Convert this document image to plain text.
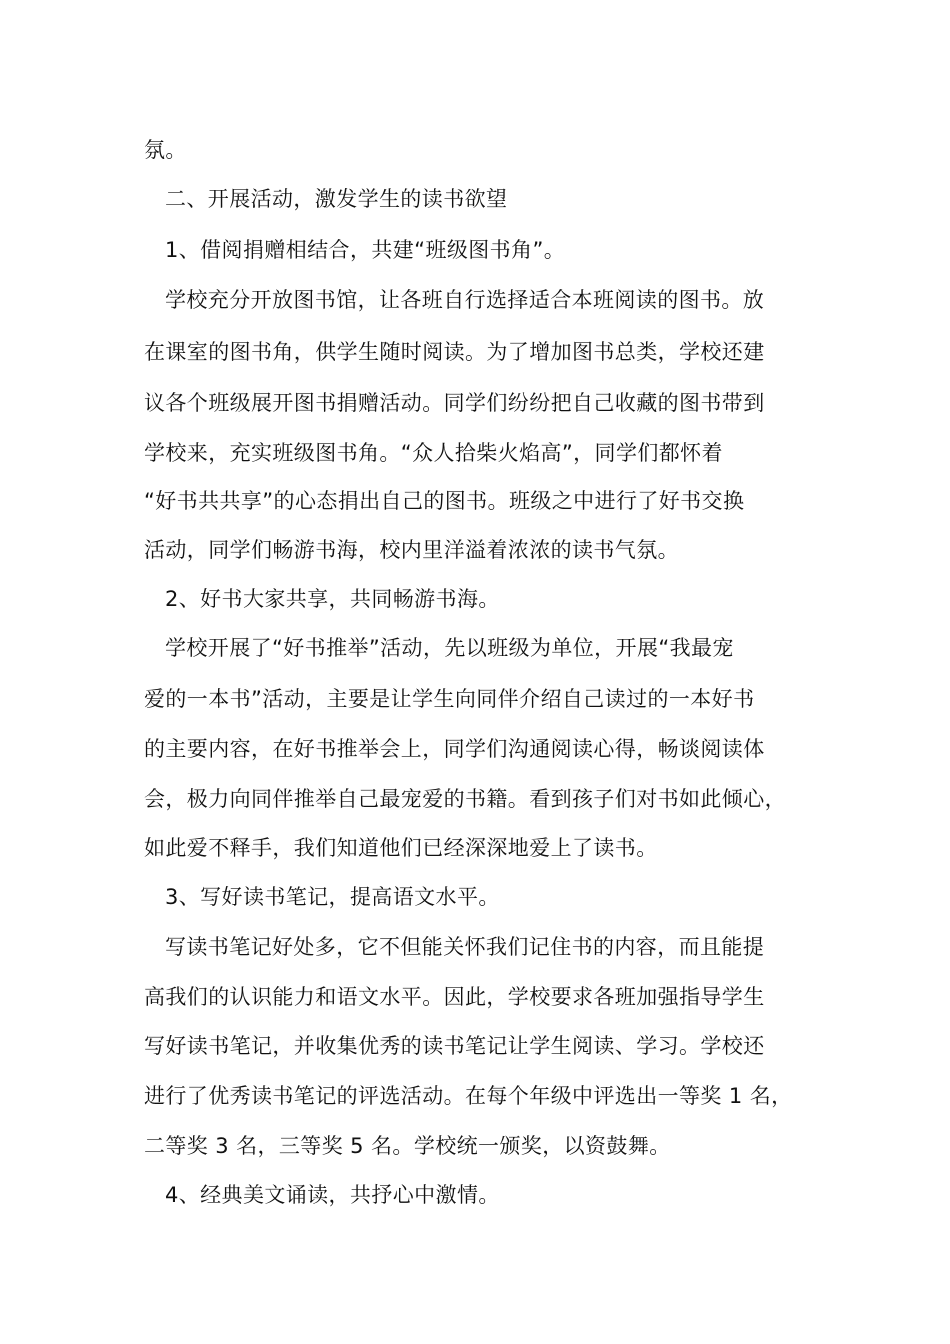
氛。

二、开展活动，激发学生的读书欲望

1、借阅捐赠相结合，共建“班级图书角”。

学校充分开放图书馆，让各班自行选择适合本班阅读的图书。放

在课室的图书角，供学生随时阅读。为了增加图书总类，学校还建

议各个班级展开图书捐赠活动。同学们纷纷把自己收藏的图书带到

学校来，充实班级图书角。“众人拾柴火焰高”，同学们都怀着

“好书共共享”的心态捐出自己的图书。班级之中进行了好书交换

活动，同学们畅游书海，校内里洋溢着浓浓的读书气氛。

2、好书大家共享，共同畅游书海。

学校开展了“好书推举”活动，先以班级为单位，开展“我最宠

爱的一本书”活动，主要是让学生向同伴介绍自己读过的一本好书

的主要内容，在好书推举会上，同学们沟通阅读心得，畅谈阅读体

会，极力向同伴推举自己最宠爱的书籍。看到孩子们对书如此倾心，

如此爱不释手，我们知道他们已经深深地爱上了读书。

3、写好读书笔记，提高语文水平。

写读书笔记好处多，它不但能关怀我们记住书的内容，而且能提

高我们的认识能力和语文水平。因此，学校要求各班加强指导学生

写好读书笔记，并收集优秀的读书笔记让学生阅读、学习。学校还

进行了优秀读书笔记的评选活动。在每个年级中评选出一等奖 1 名，

二等奖 3 名，三等奖 5 名。学校统一颁奖，以资鼓舞。

4、经典美文诵读，共抒心中激情。
